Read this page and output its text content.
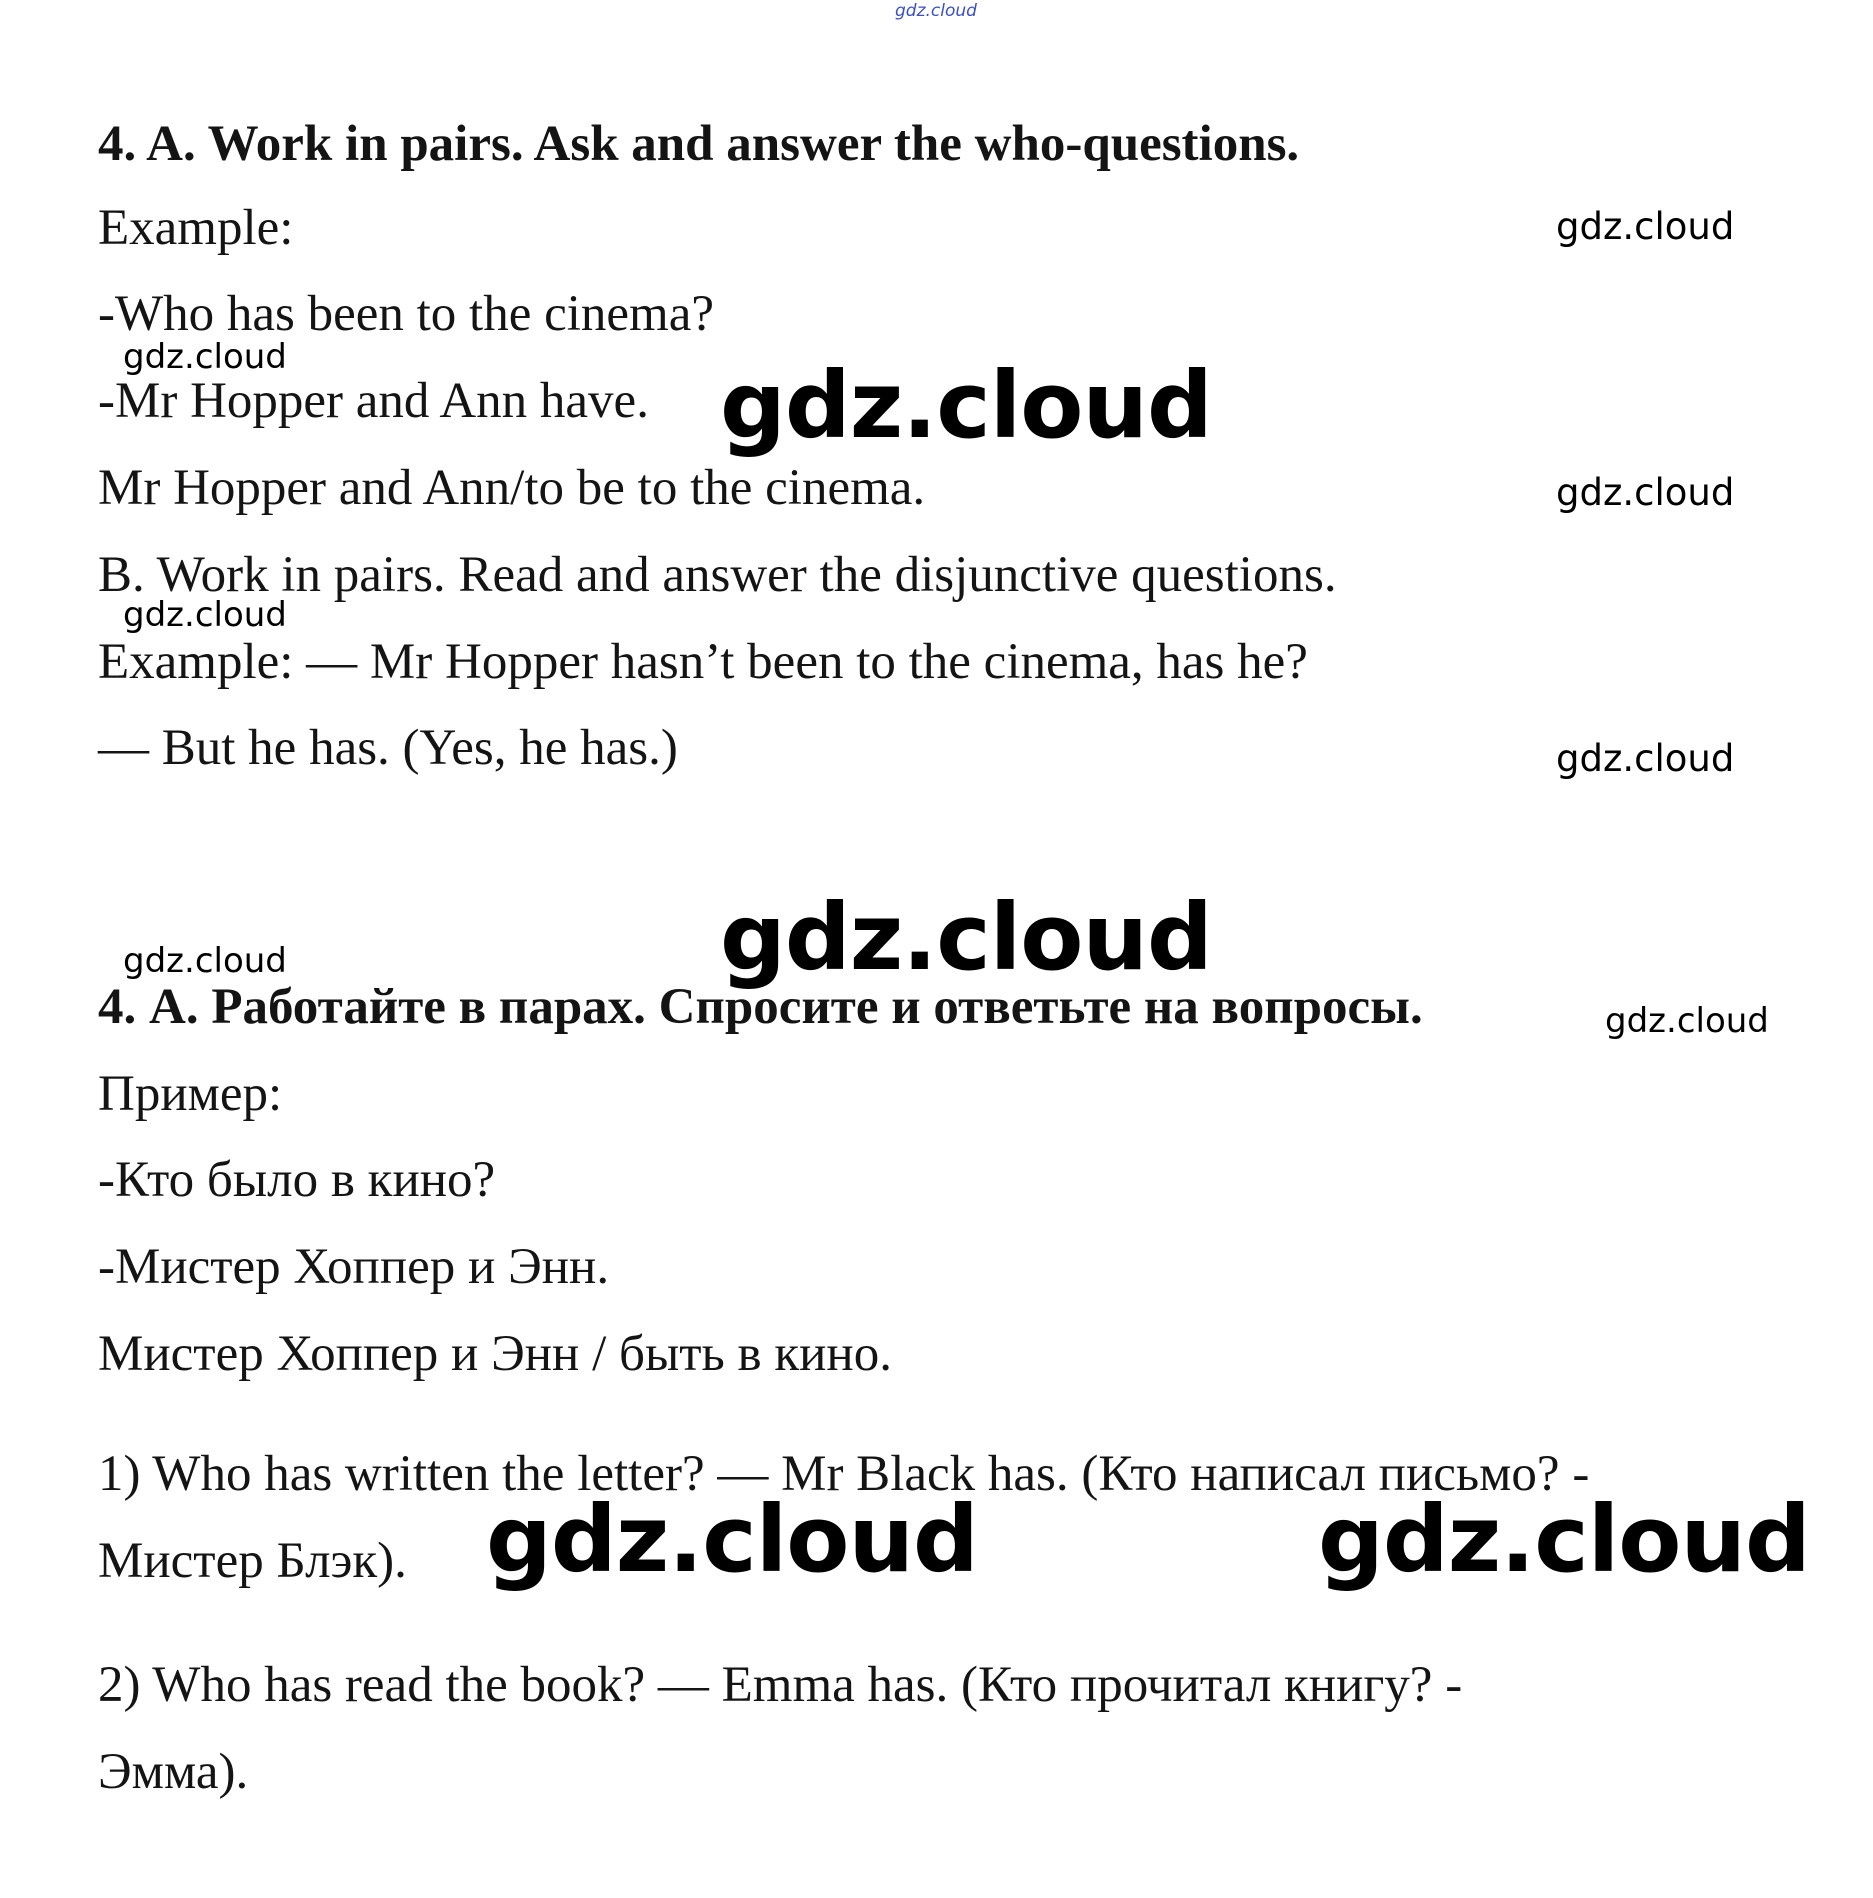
gdz.cloud
4. A. Work in pairs. Ask and answer the who-questions.
Example:
-Who has been to the cinema?
-Mr Hopper and Ann have.
Mr Hopper and Ann/to be to the cinema.
B. Work in pairs. Read and answer the disjunctive questions.
Example: — Mr Hopper hasn’t been to the cinema, has he?
— But he has. (Yes, he has.)
4. А. Работайте в парах. Спросите и ответьте на вопросы.
Пример:
-Кто было в кино?
-Мистер Хоппер и Энн.
Мистер Хоппер и Энн / быть в кино.
1) Who has written the letter? — Mr Black has. (Кто написал письмо? -
Мистер Блэк).
2) Who has read the book? — Emma has. (Кто прочитал книгу? -
Эмма).
gdz.cloud
gdz.cloud	gdz.cloud
gdz.cloud
gdz.cloud
gdz.cloud
gdz.cloud
gdz.cloud
gdz.cloud
gdz.cloud	gdz.cloud
